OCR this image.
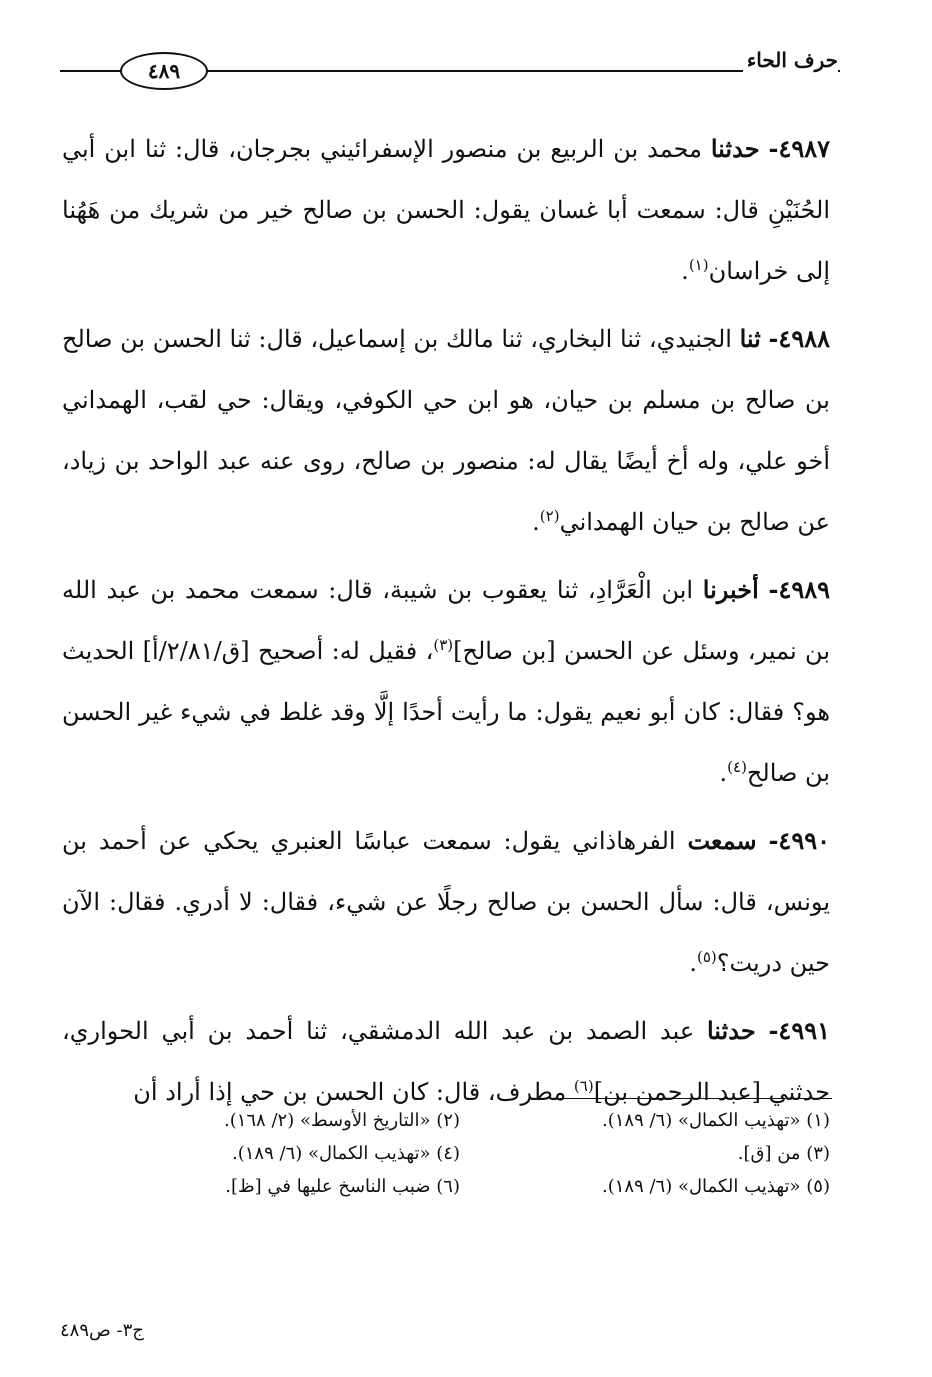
حرف الحاء
٤٨٩

٤٩٨٧- حدثنا محمد بن الربيع بن منصور الإسفرائيني بجرجان، قال: ثنا ابن أبي الحُنَيْنِ قال: سمعت أبا غسان يقول: الحسن بن صالح خير من شريك من هَهُنا إلى خراسان$^{(١)}$.

٤٩٨٨- ثنا الجنيدي، ثنا البخاري، ثنا مالك بن إسماعيل، قال: ثنا الحسن بن صالح بن صالح بن مسلم بن حيان، هو ابن حي الكوفي، ويقال: حي لقب، الهمداني أخو علي، وله أخ أيضًا يقال له: منصور بن صالح، روى عنه عبد الواحد بن زياد، عن صالح بن حيان الهمداني$^{(٢)}$.

٤٩٨٩- أخبرنا ابن الْعَرَّادِ، ثنا يعقوب بن شيبة، قال: سمعت محمد بن عبد الله بن نمير، وسئل عن الحسن [بن صالح]$^{(٣)}$، فقيل له: أصحيح [ق/٢/٨١/أ] الحديث هو؟ فقال: كان أبو نعيم يقول: ما رأيت أحدًا إلَّا وقد غلط في شيء غير الحسن بن صالح$^{(٤)}$.

٤٩٩٠- سمعت الفرهاذاني يقول: سمعت عباسًا العنبري يحكي عن أحمد بن يونس، قال: سأل الحسن بن صالح رجلًا عن شيء، فقال: لا أدري. فقال: الآن حين دريت؟$^{(٥)}$.

٤٩٩١- حدثنا عبد الصمد بن عبد الله الدمشقي، ثنا أحمد بن أبي الحواري، حدثني [عبد الرحمن بن]$^{(٦)}$ مطرف، قال: كان الحسن بن حي إذا أراد أن

(١) «تهذيب الكمال» (٦/ ١٨٩).
(٢) «التاريخ الأوسط» (٢/ ١٦٨).
(٣) من [ق].
(٤) «تهذيب الكمال» (٦/ ١٨٩).
(٥) «تهذيب الكمال» (٦/ ١٨٩).
(٦) ضبب الناسخ عليها في [ظ].
ج٣- ص٤٨٩
